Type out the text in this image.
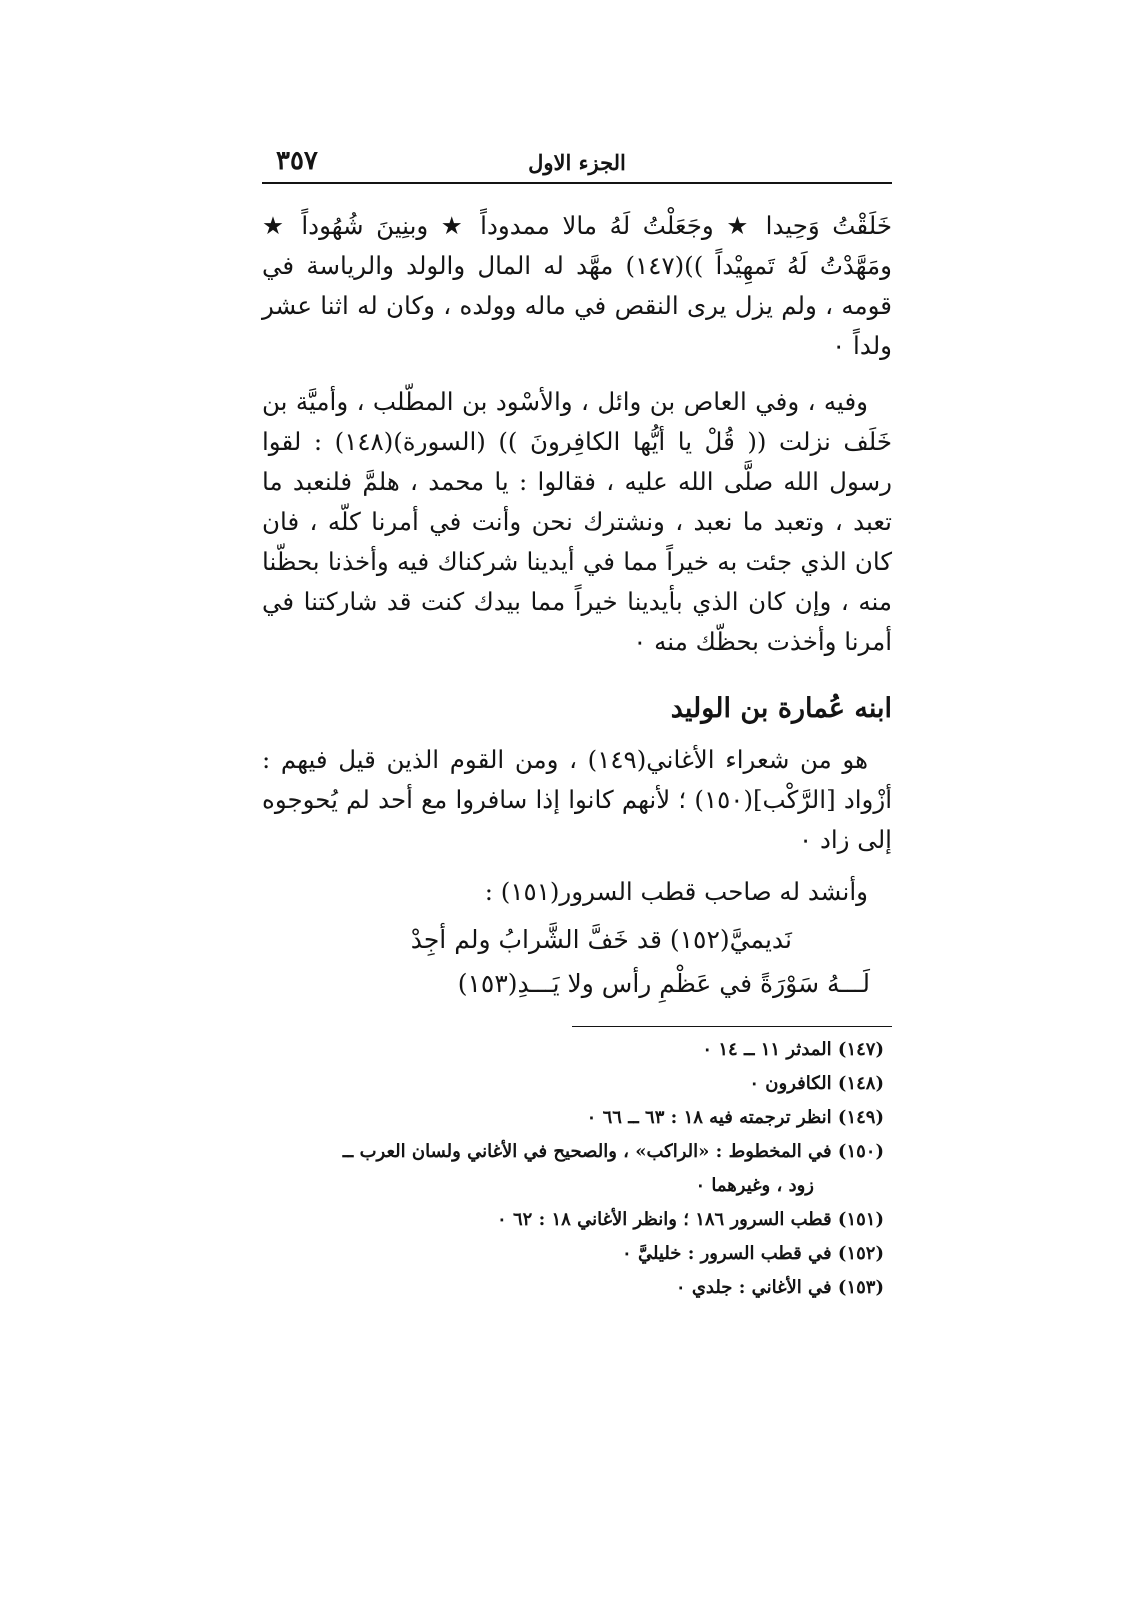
٣٥٧	الجزء الاول

خَلَقْتُ وَحِيدا ★ وجَعَلْتُ لَهُ مالا ممدوداً ★ وبنِينَ شُهُوداً ★ ومَهَّدْتُ لَهُ تَمهِيْداً ))(١٤٧) مهَّد له المال والولد والرياسة في قومه ، ولم يزل يرى النقص في ماله وولده ، وكان له اثنا عشر ولداً ٠

وفيه ، وفي العاص بن وائل ، والأسْود بن المطّلب ، وأميَّة بن خَلَف نزلت (( قُلْ يا أيُّها الكافِرونَ )) (السورة)(١٤٨) : لقوا رسول الله صلَّى الله عليه ، فقالوا : يا محمد ، هلمَّ فلنعبد ما تعبد ، وتعبد ما نعبد ، ونشترك نحن وأنت في أمرنا كلّه ، فان كان الذي جئت به خيراً مما في أيدينا شركناك فيه وأخذنا بحظّنا منه ، وإن كان الذي بأيدينا خيراً مما بيدك كنت قد شاركتنا في أمرنا وأخذت بحظّك منه ٠

ابنه عُمارة بن الوليد

هو من شعراء الأغاني(١٤٩) ، ومن القوم الذين قيل فيهم : أزْواد [الرَّكْب](١٥٠) ؛ لأنهم كانوا إذا سافروا مع أحد لم يُحوجوه إلى زاد ٠

وأنشد له صاحب قطب السرور(١٥١) :

نَديميَّ(١٥٢) قد خَفَّ الشَّرابُ ولم أجِدْ
لَـــهُ سَوْرَةً في عَظْمِ رأس ولا يَـــدِ(١٥٣)
(١٤٧) المدثر ١١ ــ ١٤ ٠
(١٤٨) الكافرون ٠
(١٤٩) انظر ترجمته فيه ١٨ : ٦٣ ــ ٦٦ ٠
(١٥٠) في المخطوط : «الراكب» ، والصحيح في الأغاني ولسان العرب ــ
زود ، وغيرهما ٠
(١٥١) قطب السرور ١٨٦ ؛ وانظر الأغاني ١٨ : ٦٢ ٠
(١٥٢) في قطب السرور : خليليَّ ٠
(١٥٣) في الأغاني : جلدي ٠
